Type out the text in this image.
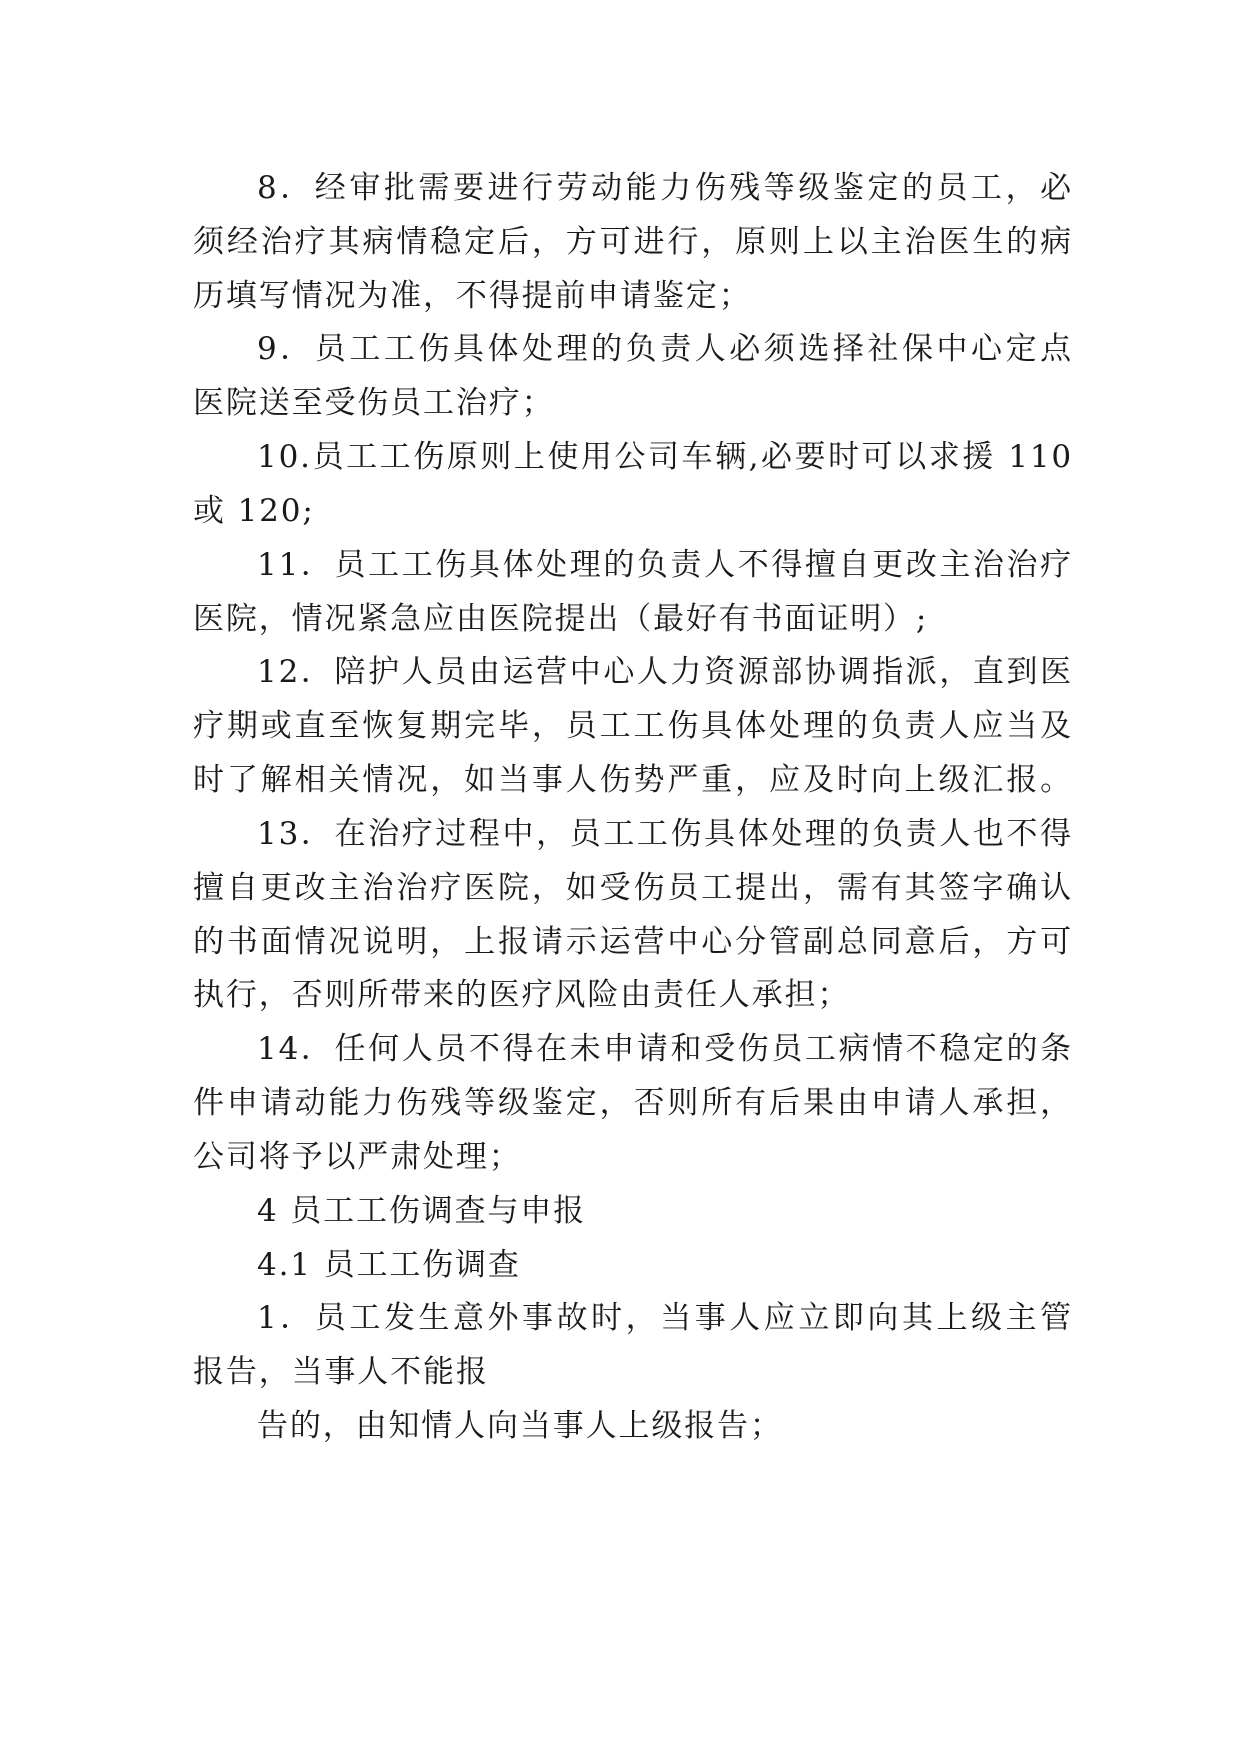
8．经审批需要进行劳动能力伤残等级鉴定的员工，必
须经治疗其病情稳定后，方可进行，原则上以主治医生的病
历填写情况为准，不得提前申请鉴定；
9．员工工伤具体处理的负责人必须选择社保中心定点
医院送至受伤员工治疗；
10.员工工伤原则上使用公司车辆,必要时可以求援 110
或 120;
11．员工工伤具体处理的负责人不得擅自更改主治治疗
医院，情况紧急应由医院提出（最好有书面证明）;
12．陪护人员由运营中心人力资源部协调指派，直到医
疗期或直至恢复期完毕，员工工伤具体处理的负责人应当及
时了解相关情况，如当事人伤势严重，应及时向上级汇报。
13．在治疗过程中，员工工伤具体处理的负责人也不得
擅自更改主治治疗医院，如受伤员工提出，需有其签字确认
的书面情况说明，上报请示运营中心分管副总同意后，方可
执行，否则所带来的医疗风险由责任人承担；
14．任何人员不得在未申请和受伤员工病情不稳定的条
件申请动能力伤残等级鉴定，否则所有后果由申请人承担，
公司将予以严肃处理；
4 员工工伤调查与申报
4.1 员工工伤调查
1．员工发生意外事故时，当事人应立即向其上级主管
报告，当事人不能报
告的，由知情人向当事人上级报告；
